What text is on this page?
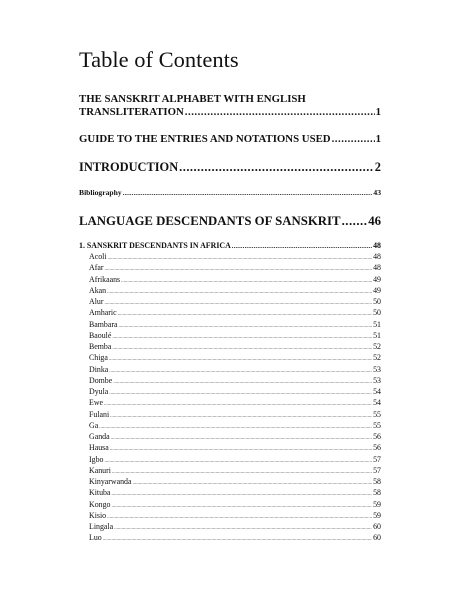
Table of Contents
THE SANSKRIT ALPHABET WITH ENGLISH
TRANSLITERATION .....	1
GUIDE TO THE ENTRIES AND NOTATIONS USED .....	1
INTRODUCTION .....	2
Bibliography .....	43
LANGUAGE DESCENDANTS OF SANSKRIT ..... 46
1. SANSKRIT DESCENDANTS IN AFRICA .....	48
Acoli .....	48
Afar .....	48
Afrikaans .....	49
Akan .....	49
Alur .....	50
Amharic .....	50
Bambara .....	51
Baoulé .....	51
Bemba .....	52
Chiga .....	52
Dinka .....	53
Dombe .....	53
Dyula .....	54
Ewe .....	54
Fulani .....	55
Ga .....	55
Ganda .....	56
Hausa .....	56
Igbo .....	57
Kanuri .....	57
Kinyarwanda .....	58
Kituba .....	58
Kongo .....	59
Kisio .....	59
Lingala .....	60
Luo .....	60
